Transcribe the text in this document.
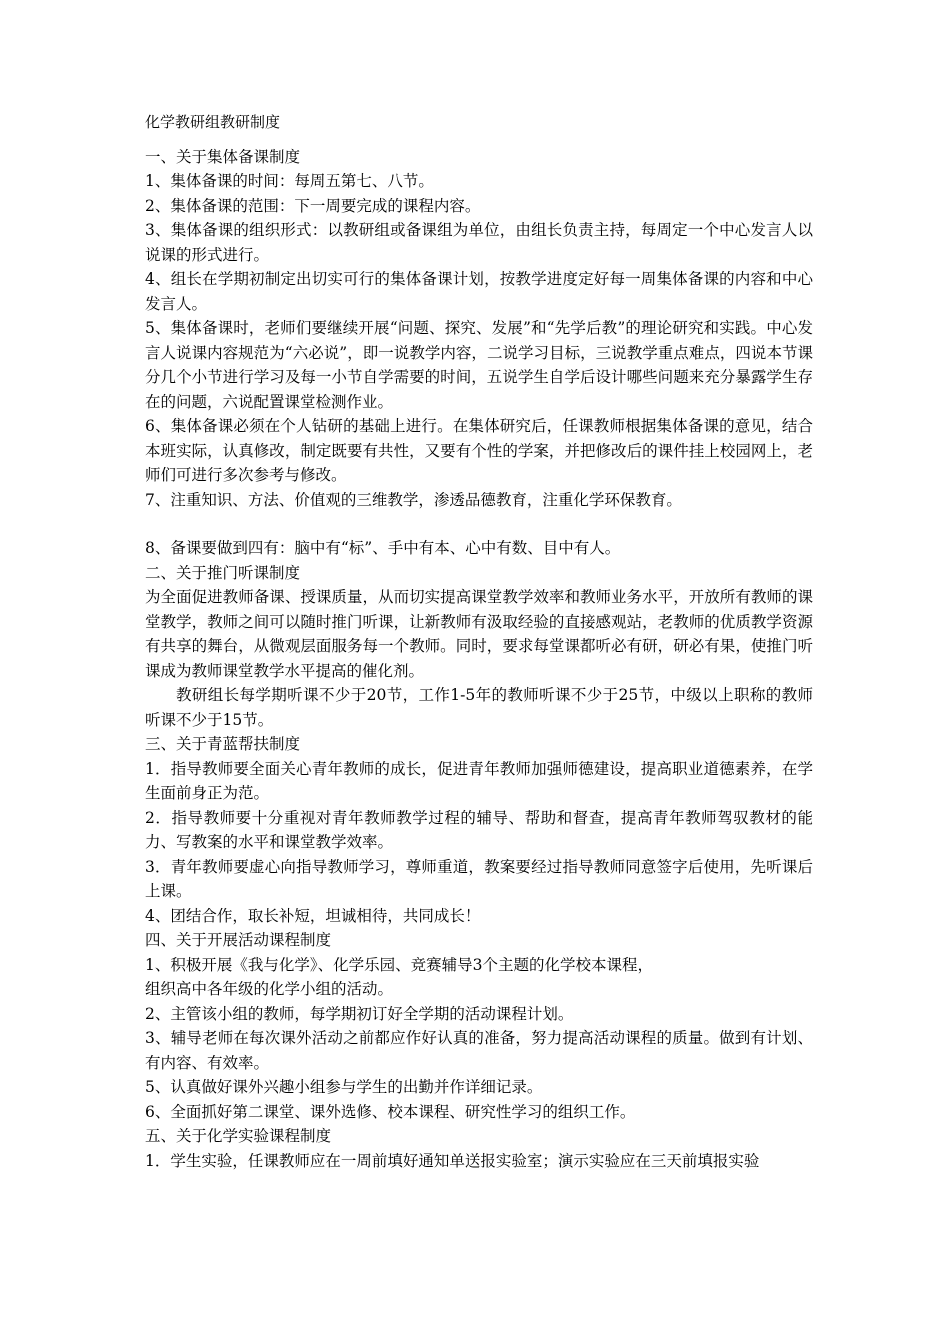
化学教研组教研制度

一、关于集体备课制度

1、集体备课的时间：每周五第七、八节。

2、集体备课的范围：下一周要完成的课程内容。

3、集体备课的组织形式：以教研组或备课组为单位，由组长负责主持，每周定一个中心发言人以说课的形式进行。

4、组长在学期初制定出切实可行的集体备课计划，按教学进度定好每一周集体备课的内容和中心发言人。

5、集体备课时，老师们要继续开展“问题、探究、发展”和“先学后教”的理论研究和实践。中心发言人说课内容规范为“六必说”，即一说教学内容，二说学习目标，三说教学重点难点，四说本节课分几个小节进行学习及每一小节自学需要的时间，五说学生自学后设计哪些问题来充分暴露学生存在的问题，六说配置课堂检测作业。

6、集体备课必须在个人钻研的基础上进行。在集体研究后，任课教师根据集体备课的意见，结合本班实际，认真修改，制定既要有共性，又要有个性的学案，并把修改后的课件挂上校园网上，老师们可进行多次参考与修改。

7、注重知识、方法、价值观的三维教学，渗透品德教育，注重化学环保教育。

8、备课要做到四有：脑中有“标”、手中有本、心中有数、目中有人。

二、关于推门听课制度

为全面促进教师备课、授课质量，从而切实提高课堂教学效率和教师业务水平，开放所有教师的课堂教学，教师之间可以随时推门听课，让新教师有汲取经验的直接感观站，老教师的优质教学资源有共享的舞台，从微观层面服务每一个教师。同时，要求每堂课都听必有研，研必有果，使推门听课成为教师课堂教学水平提高的催化剂。

教研组长每学期听课不少于20节，工作1-5年的教师听课不少于25节，中级以上职称的教师听课不少于15节。

三、关于青蓝帮扶制度

1．指导教师要全面关心青年教师的成长，促进青年教师加强师德建设，提高职业道德素养，在学生面前身正为范。

2．指导教师要十分重视对青年教师教学过程的辅导、帮助和督查，提高青年教师驾驭教材的能力、写教案的水平和课堂教学效率。

3．青年教师要虚心向指导教师学习，尊师重道，教案要经过指导教师同意签字后使用，先听课后上课。

4、团结合作，取长补短，坦诚相待，共同成长！

四、关于开展活动课程制度

1、积极开展《我与化学》、化学乐园、竞赛辅导3个主题的化学校本课程，

组织高中各年级的化学小组的活动。

2、主管该小组的教师，每学期初订好全学期的活动课程计划。

3、辅导老师在每次课外活动之前都应作好认真的准备，努力提高活动课程的质量。做到有计划、有内容、有效率。

5、认真做好课外兴趣小组参与学生的出勤并作详细记录。

6、全面抓好第二课堂、课外选修、校本课程、研究性学习的组织工作。

五、关于化学实验课程制度

1．学生实验，任课教师应在一周前填好通知单送报实验室；演示实验应在三天前填报实验
